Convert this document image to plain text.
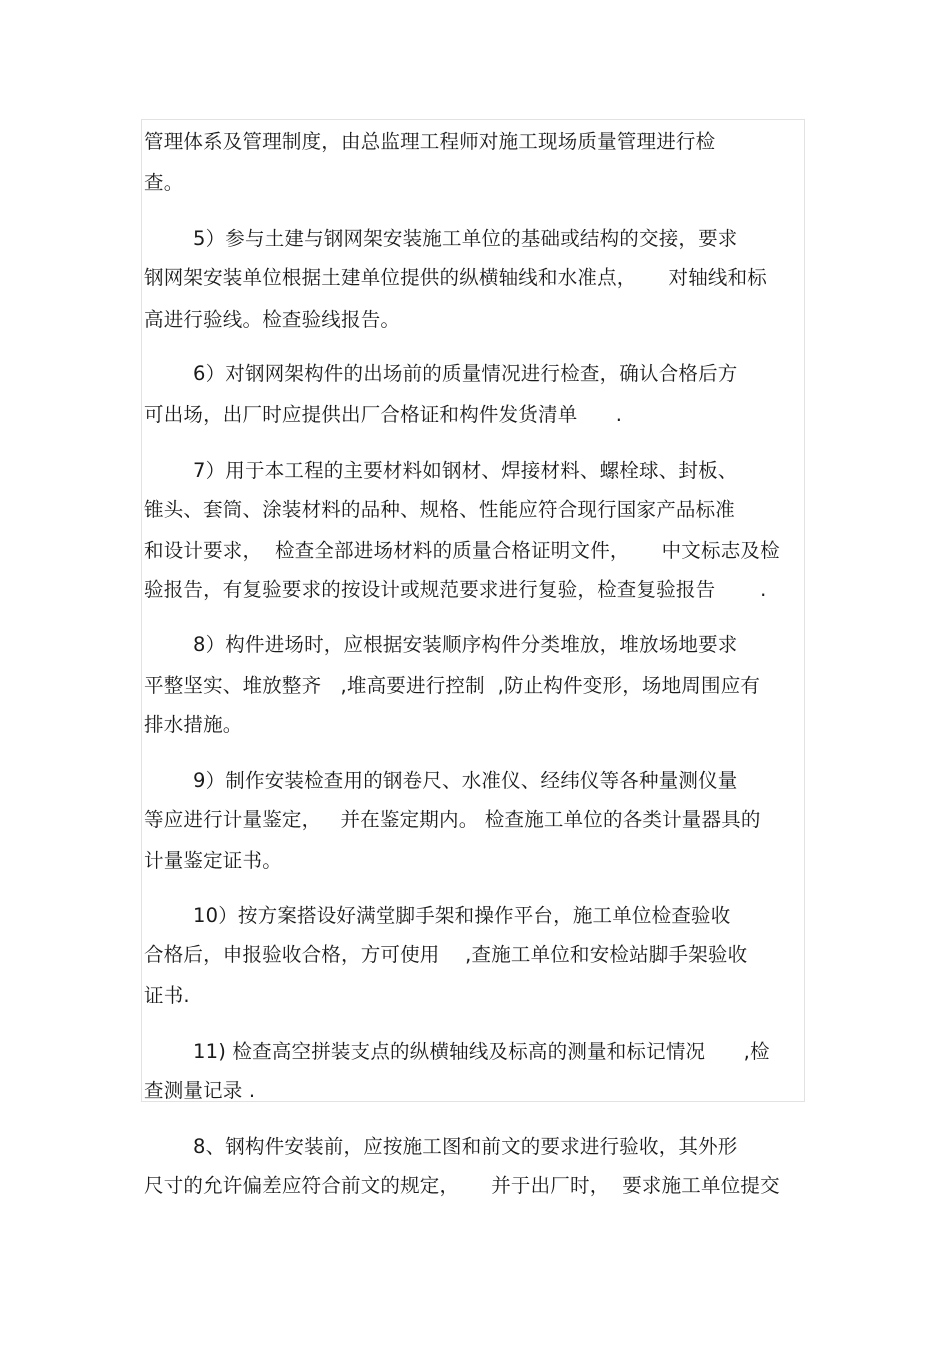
管理体系及管理制度，由总监理工程师对施工现场质量管理进行检
查。
5）参与土建与钢网架安装施工单位的基础或结构的交接，要求
钢网架安装单位根据土建单位提供的纵横轴线和水准点，     对轴线和标
高进行验线。检查验线报告。
6）对钢网架构件的出场前的质量情况进行检查，确认合格后方
可出场，出厂时应提供出厂合格证和构件发货清单      .
7）用于本工程的主要材料如钢材、焊接材料、螺栓球、封板、
锥头、套筒、涂装材料的品种、规格、性能应符合现行国家产品标准
和设计要求，  检查全部进场材料的质量合格证明文件，     中文标志及检
验报告，有复验要求的按设计或规范要求进行复验，检查复验报告       .
8）构件进场时，应根据安装顺序构件分类堆放，堆放场地要求
平整坚实、堆放整齐   ,堆高要进行控制  ,防止构件变形，场地周围应有
排水措施。
9）制作安装检查用的钢卷尺、水准仪、经纬仪等各种量测仪量
等应进行计量鉴定，   并在鉴定期内。 检查施工单位的各类计量器具的
计量鉴定证书。
10）按方案搭设好满堂脚手架和操作平台，施工单位检查验收
合格后，申报验收合格，方可使用    ,查施工单位和安检站脚手架验收
证书.
11) 检查高空拼装支点的纵横轴线及标高的测量和标记情况      ,检
查测量记录 .
8、钢构件安装前，应按施工图和前文的要求进行验收，其外形
尺寸的允许偏差应符合前文的规定，     并于出厂时，  要求施工单位提交
